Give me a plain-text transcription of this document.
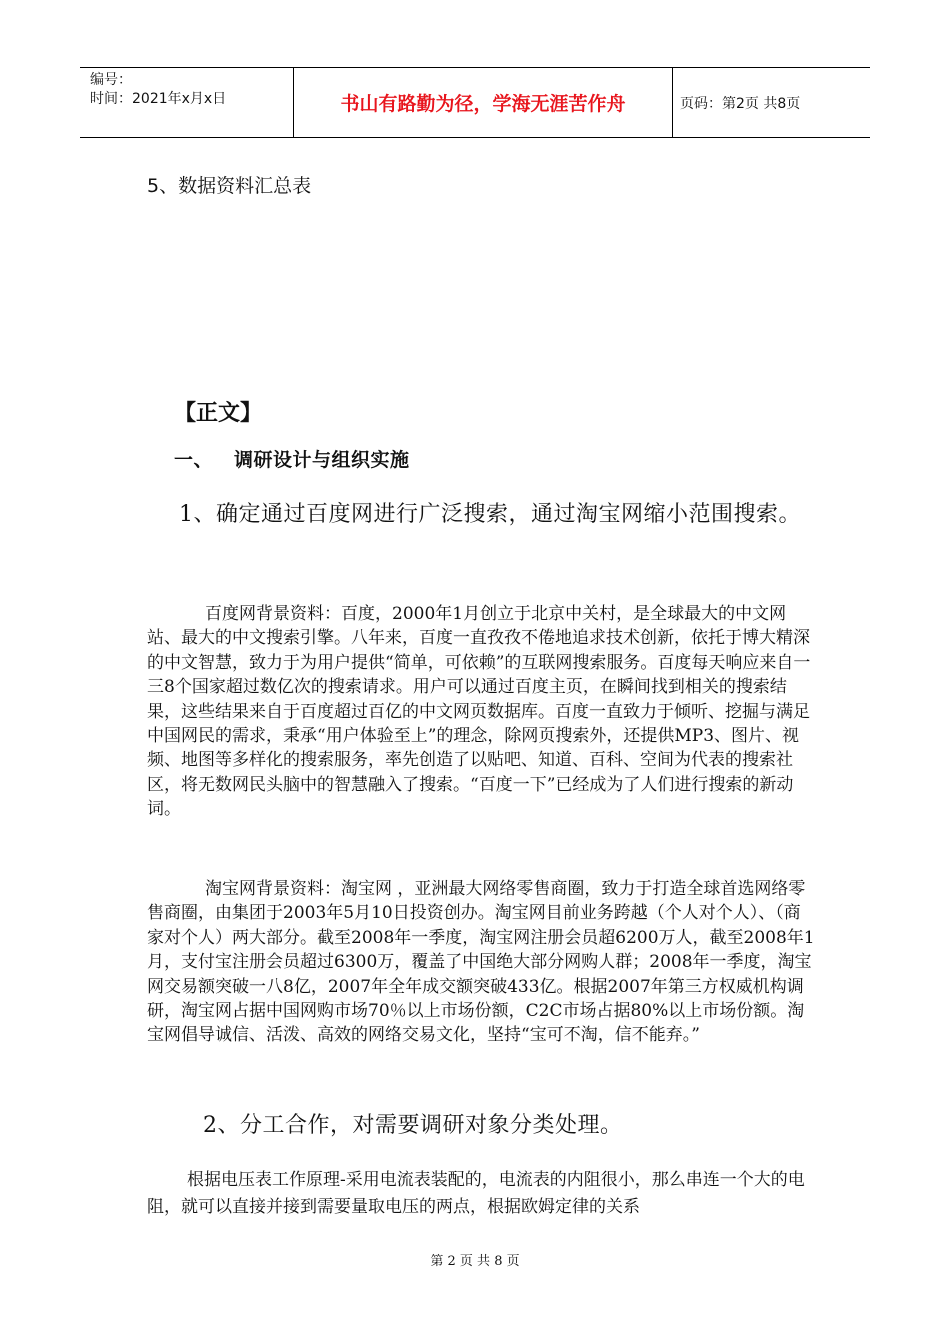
编号：
时间：2021年x月x日	书山有路勤为径，学海无涯苦作舟	页码：第2页 共8页
5、数据资料汇总表
【正文】
一、 调研设计与组织实施
1、确定通过百度网进行广泛搜索，通过淘宝网缩小范围搜索。
百度网背景资料：百度，2000年1月创立于北京中关村，是全球最大的中文网站、最大的中文搜索引擎。八年来，百度一直孜孜不倦地追求技术创新，依托于博大精深的中文智慧，致力于为用户提供“简单，可依赖”的互联网搜索服务。百度每天响应来自一三8个国家超过数亿次的搜索请求。用户可以通过百度主页，在瞬间找到相关的搜索结果，这些结果来自于百度超过百亿的中文网页数据库。百度一直致力于倾听、挖掘与满足中国网民的需求，秉承“用户体验至上”的理念，除网页搜索外，还提供MP3、图片、视频、地图等多样化的搜索服务，率先创造了以贴吧、知道、百科、空间为代表的搜索社区，将无数网民头脑中的智慧融入了搜索。“百度一下”已经成为了人们进行搜索的新动词。
淘宝网背景资料：淘宝网 ，亚洲最大网络零售商圈，致力于打造全球首选网络零售商圈，由集团于2003年5月10日投资创办。淘宝网目前业务跨越（个人对个人）、（商家对个人）两大部分。截至2008年一季度，淘宝网注册会员超6200万人，截至2008年1月，支付宝注册会员超过6300万，覆盖了中国绝大部分网购人群；2008年一季度，淘宝网交易额突破一八8亿，2007年全年成交额突破433亿。根据2007年第三方权威机构调研，淘宝网占据中国网购市场70％以上市场份额，C2C市场占据80%以上市场份额。淘宝网倡导诚信、活泼、高效的网络交易文化，坚持“宝可不淘，信不能弃。”
2、分工合作，对需要调研对象分类处理。
根据电压表工作原理-采用电流表装配的，电流表的内阻很小，那么串连一个大的电阻，就可以直接并接到需要量取电压的两点，根据欧姆定律的关系
第 2 页 共 8 页
